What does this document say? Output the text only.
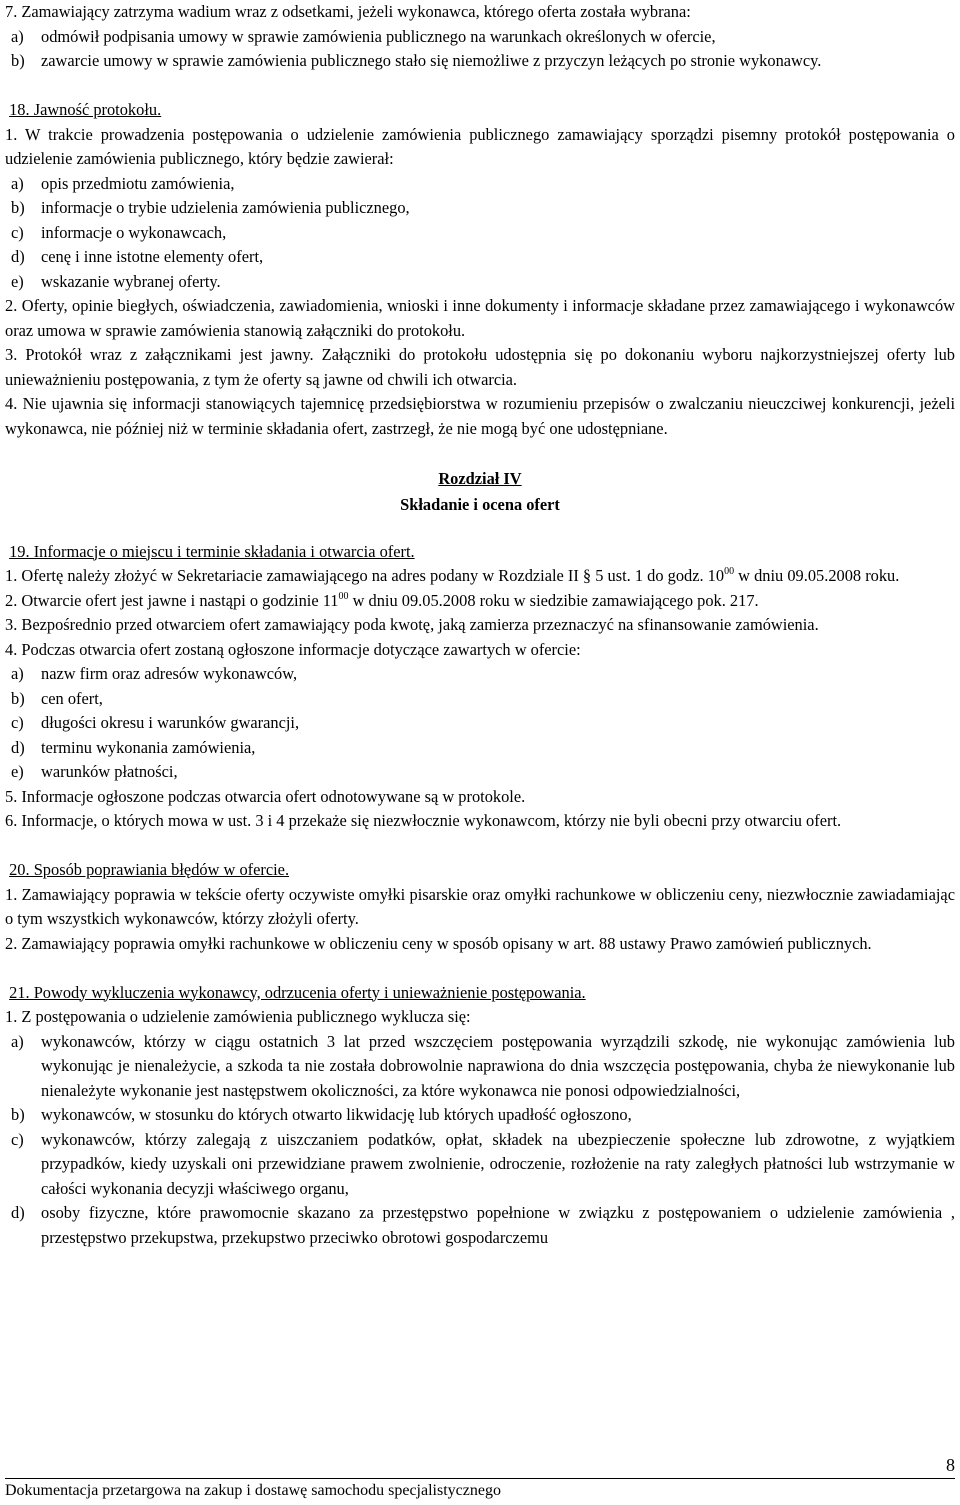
7. Zamawiający zatrzyma wadium wraz z odsetkami, jeżeli wykonawca, którego oferta została wybrana:

a)	odmówił podpisania umowy w sprawie zamówienia publicznego na warunkach określonych w ofercie,
b) zawarcie umowy w sprawie zamówienia publicznego stało się niemożliwe z przyczyn leżących po stronie wykonawcy.

18. Jawność protokołu.

1. W trakcie prowadzenia postępowania o udzielenie zamówienia publicznego zamawiający sporządzi pisemny protokół postępowania o udzielenie zamówienia publicznego, który będzie zawierał:

a)	opis przedmiotu zamówienia,
b) informacje o trybie udzielenia zamówienia publicznego,
c)	informacje o wykonawcach,
d) cenę i inne istotne elementy ofert,
e)	wskazanie wybranej oferty.

2. Oferty, opinie biegłych, oświadczenia, zawiadomienia, wnioski i inne dokumenty i informacje składane przez zamawiającego i wykonawców oraz umowa w sprawie zamówienia stanowią załączniki do protokołu.

3. Protokół wraz z załącznikami jest jawny. Załączniki do protokołu udostępnia się po dokonaniu wyboru najkorzystniejszej oferty lub unieważnieniu postępowania, z tym że oferty są jawne od chwili ich otwarcia.

4. Nie ujawnia się informacji stanowiących tajemnicę przedsiębiorstwa w rozumieniu przepisów o zwalczaniu nieuczciwej konkurencji, jeżeli wykonawca, nie później niż w terminie składania ofert, zastrzegł, że nie mogą być one udostępniane.

Rozdział IV

Składanie i ocena ofert

19. Informacje o miejscu i terminie składania i otwarcia ofert.

1. Ofertę należy złożyć w Sekretariacie zamawiającego na adres podany w Rozdziale II § 5 ust. 1 do godz. $10^{00}$ w dniu 09.05.2008 roku.

2. Otwarcie ofert jest jawne i nastąpi o godzinie $11^{00}$ w dniu 09.05.2008 roku w siedzibie zamawiającego pok. 217.

3. Bezpośrednio przed otwarciem ofert zamawiający poda kwotę, jaką zamierza przeznaczyć na sfinansowanie zamówienia.

4. Podczas otwarcia ofert zostaną ogłoszone informacje dotyczące zawartych w ofercie:

a)	nazw firm oraz adresów wykonawców,
b) cen ofert,
c)	długości okresu i warunków gwarancji,
d) terminu wykonania zamówienia,
e)	warunków płatności,

5. Informacje ogłoszone podczas otwarcia ofert odnotowywane są w protokole.

6. Informacje, o których mowa w ust. 3 i 4 przekaże się niezwłocznie wykonawcom, którzy nie byli obecni przy otwarciu ofert.

20. Sposób poprawiania błędów w ofercie.

1. Zamawiający poprawia w tekście oferty oczywiste omyłki pisarskie oraz omyłki rachunkowe w obliczeniu ceny, niezwłocznie zawiadamiając o tym wszystkich wykonawców, którzy złożyli oferty.

2. Zamawiający poprawia omyłki rachunkowe w obliczeniu ceny w sposób opisany w art. 88 ustawy Prawo zamówień publicznych.

21. Powody wykluczenia wykonawcy, odrzucenia oferty i unieważnienie postępowania.

1. Z postępowania o udzielenie zamówienia publicznego wyklucza się:

a)	wykonawców, którzy w ciągu ostatnich 3 lat przed wszczęciem postępowania wyrządzili szkodę, nie wykonując zamówienia lub wykonując je nienależycie, a szkoda ta nie została dobrowolnie naprawiona do dnia wszczęcia postępowania, chyba że niewykonanie lub nienależyte wykonanie jest następstwem okoliczności, za które wykonawca nie ponosi odpowiedzialności,
b) wykonawców, w stosunku do których otwarto likwidację lub których upadłość ogłoszono,
c)	wykonawców, którzy zalegają z uiszczaniem podatków, opłat, składek na ubezpieczenie społeczne lub zdrowotne, z wyjątkiem przypadków, kiedy uzyskali oni przewidziane prawem zwolnienie, odroczenie, rozłożenie na raty zaległych płatności lub wstrzymanie w całości wykonania decyzji właściwego organu,
d) osoby fizyczne, które prawomocnie skazano za przestępstwo popełnione w związku z postępowaniem o udzielenie zamówienia , przestępstwo przekupstwa, przekupstwo przeciwko obrotowi gospodarczemu
8
Dokumentacja przetargowa na zakup i dostawę samochodu specjalistycznego
